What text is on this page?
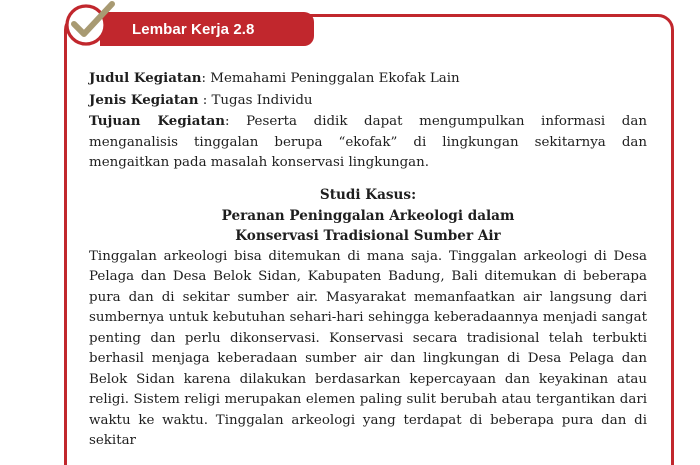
Lembar Kerja 2.8

Judul Kegiatan: Memahami Peninggalan Ekofak Lain

Jenis Kegiatan : Tugas Individu

Tujuan Kegiatan: Peserta didik dapat mengumpulkan informasi dan menganalisis tinggalan berupa “ekofak” di lingkungan sekitarnya dan mengaitkan pada masalah konservasi lingkungan.

Studi Kasus:
Peranan Peninggalan Arkeologi dalam
Konservasi Tradisional Sumber Air

Tinggalan arkeologi bisa ditemukan di mana saja. Tinggalan arkeologi di Desa Pelaga dan Desa Belok Sidan, Kabupaten Badung, Bali ditemukan di beberapa pura dan di sekitar sumber air. Masyarakat memanfaatkan air langsung dari sumbernya untuk kebutuhan sehari-hari sehingga keberadaannya menjadi sangat penting dan perlu dikonservasi. Konservasi secara tradisional telah terbukti berhasil menjaga keberadaan sumber air dan lingkungan di Desa Pelaga dan Belok Sidan karena dilakukan berdasarkan kepercayaan dan keyakinan atau religi. Sistem religi merupakan elemen paling sulit berubah atau tergantikan dari waktu ke waktu. Tinggalan arkeologi yang terdapat di beberapa pura dan di sekitar
